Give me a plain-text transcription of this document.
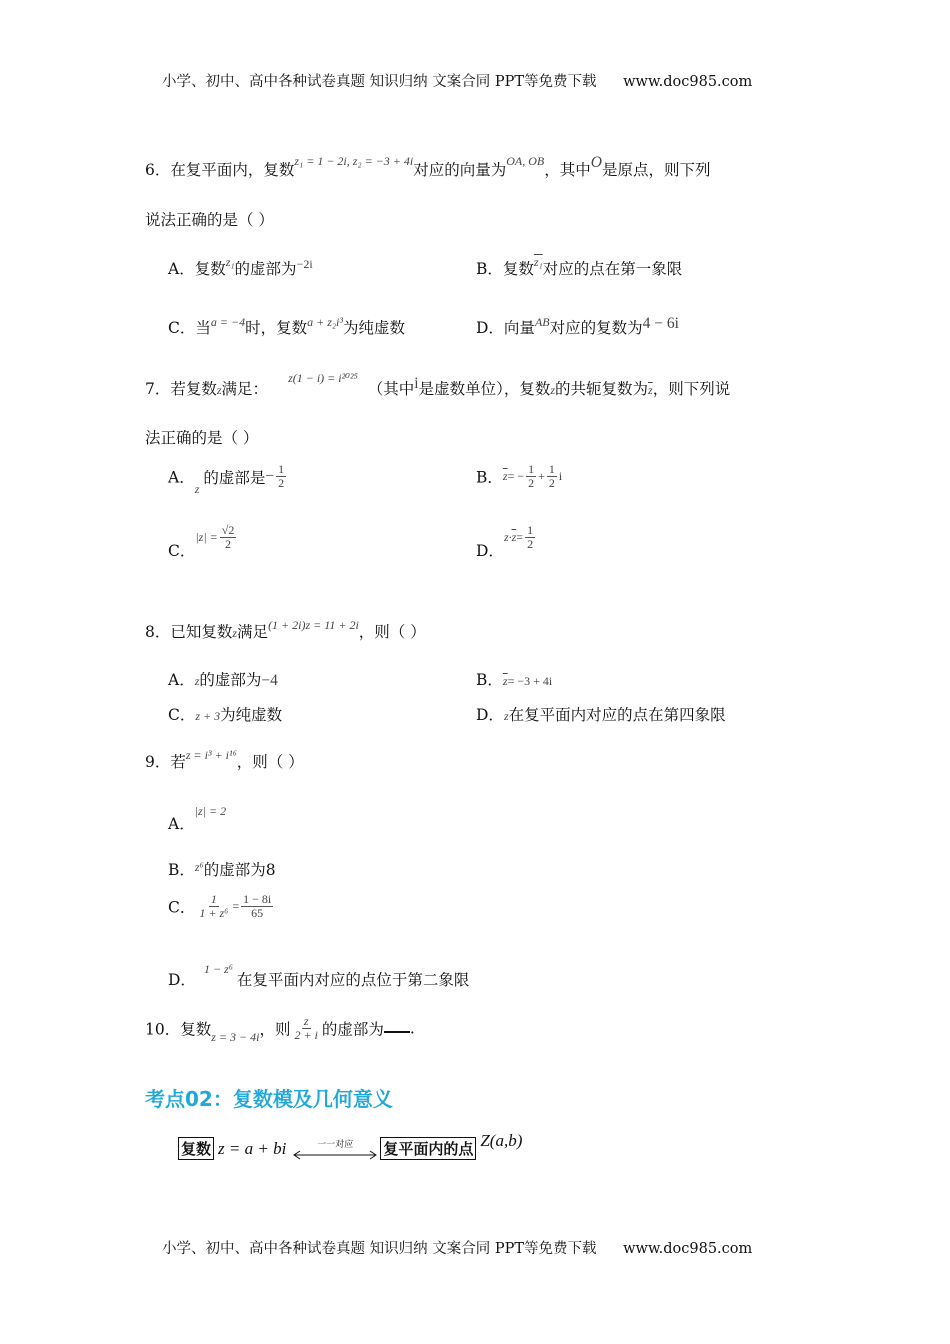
小学、初中、高中各种试卷真题 知识归纳 文案合同 PPT等免费下载 www.doc985.com
6．在复平面内，复数$^{z_1 = 1 - 2i, z_2 = -3 + 4i}$对应的向量为$^{OA, OB}$，其中O是原点，则下列
说法正确的是（ ）
A．复数$^{z_1}$的虚部为$^{-2i}$	B．复数$^{z_1}$对应的点在第一象限
C．当$^{a = -4}$时，复数$^{a + z_2i^3}$为纯虚数	D．向量$^{AB}$对应的复数为4 − 6i
7．若复数z满足：$^{z(1 - i) = i^{2025}}$（其中i是虚数单位），复数z的共轭复数为$\overline{z}$，则下列说
法正确的是（ ）
A．$_z$的虚部是− $\frac{1}{2}$	B．$\overline{z}= - \frac{1}{2} + \frac{1}{2}$ i
C．$|z| = \frac{√2}{2}$	D．$z\cdot\overline{z}= \frac{1}{2}$
8．已知复数z满足$^{(1 + 2i)z = 11 + 2i}$，则（ ）
A．z的虚部为−4	B．$\overline{z}= -3 + 4i$
C．z + 3为纯虚数	D．z在复平面内对应的点在第四象限
9．若$^{z = i^3 + i^{16}}$，则（ ）
A．|z| = 2
B．$^{z^6}$的虚部为8
C． $\frac{1}{\text{1 + z⁶}} = \frac{1 - 8i}{65}$
D．1 − z⁶在复平面内对应的点位于第二象限
10．复数$_{z = 3 - 4i}$，则 $\frac{z}{2 + i}$ 的虚部为 .
考点02：复数模及几何意义
复数 z = a + bi	一一对应 复平面内的点 Z(a,b)
小学、初中、高中各种试卷真题 知识归纳 文案合同 PPT等免费下载 www.doc985.com
